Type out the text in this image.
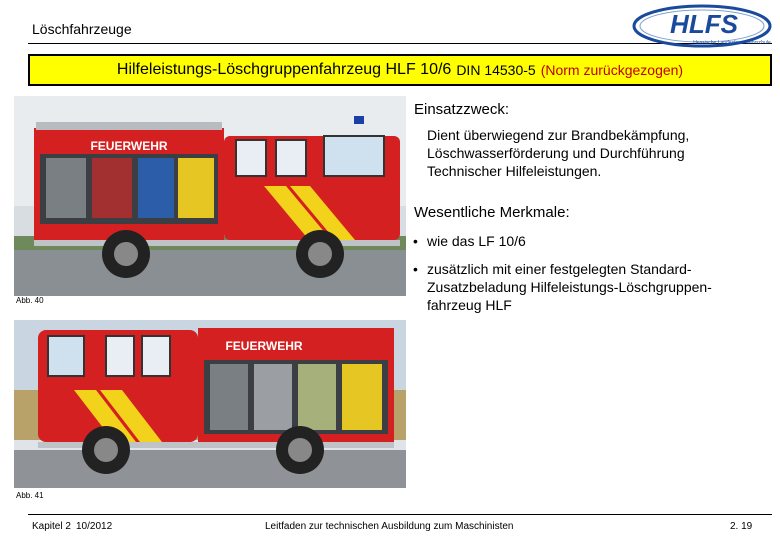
Löschfahrzeuge	HLFS
Hessische Landesfeuerwehrschule
Hilfeleistungs-Löschgruppenfahrzeug HLF 10/6 DIN 14530-5 (Norm zurückgezogen)
FEUERWEHR
Abb. 40
FEUERWEHR
Abb. 41
Einsatzzweck:
Dient überwiegend zur Brandbekämpfung,
Löschwasserförderung und Durchführung
Technischer Hilfeleistungen.
Wesentliche Merkmale:
• wie das LF 10/6
• zusätzlich mit einer festgelegten Standard-
Zusatzbeladung Hilfeleistungs-Löschgruppen-
fahrzeug HLF
Kapitel 2 10/2012	Leitfaden zur technischen Ausbildung zum Maschinisten	2. 19
